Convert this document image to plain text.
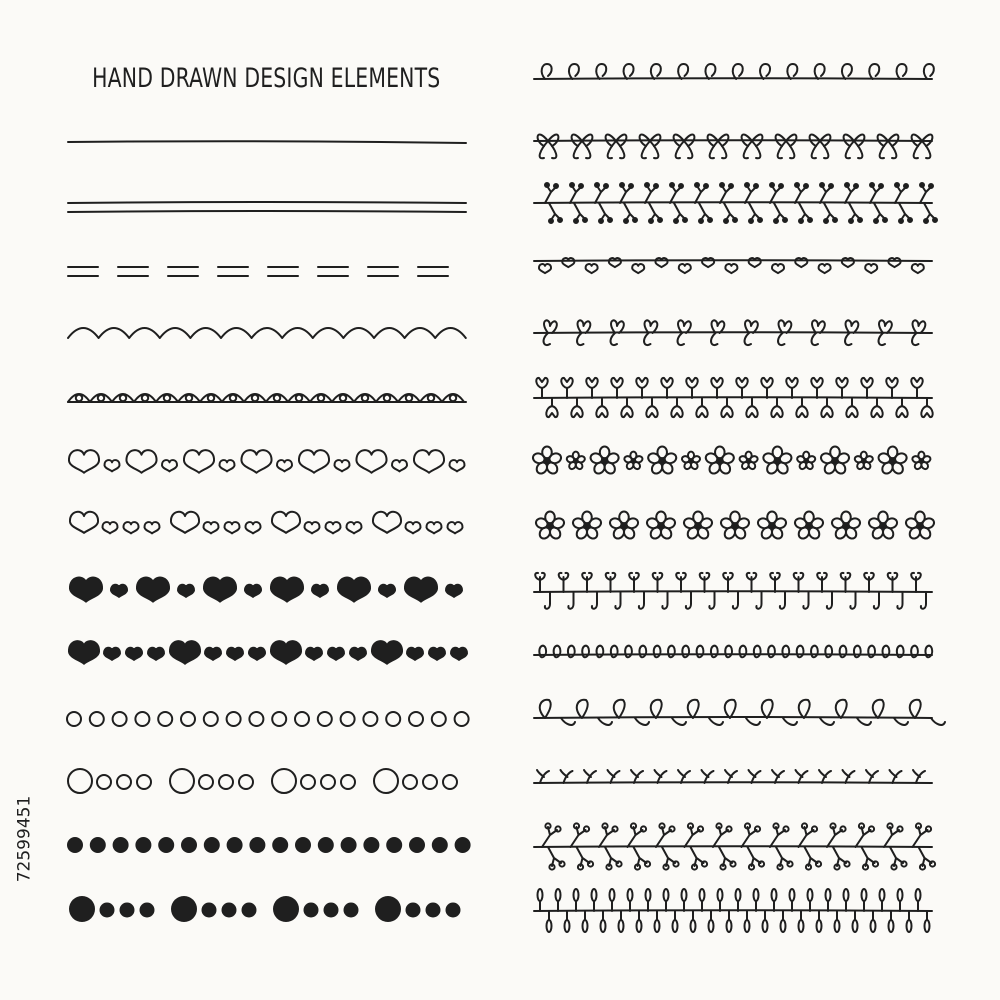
HAND DRAWN DESIGN ELEMENTS
72599451
